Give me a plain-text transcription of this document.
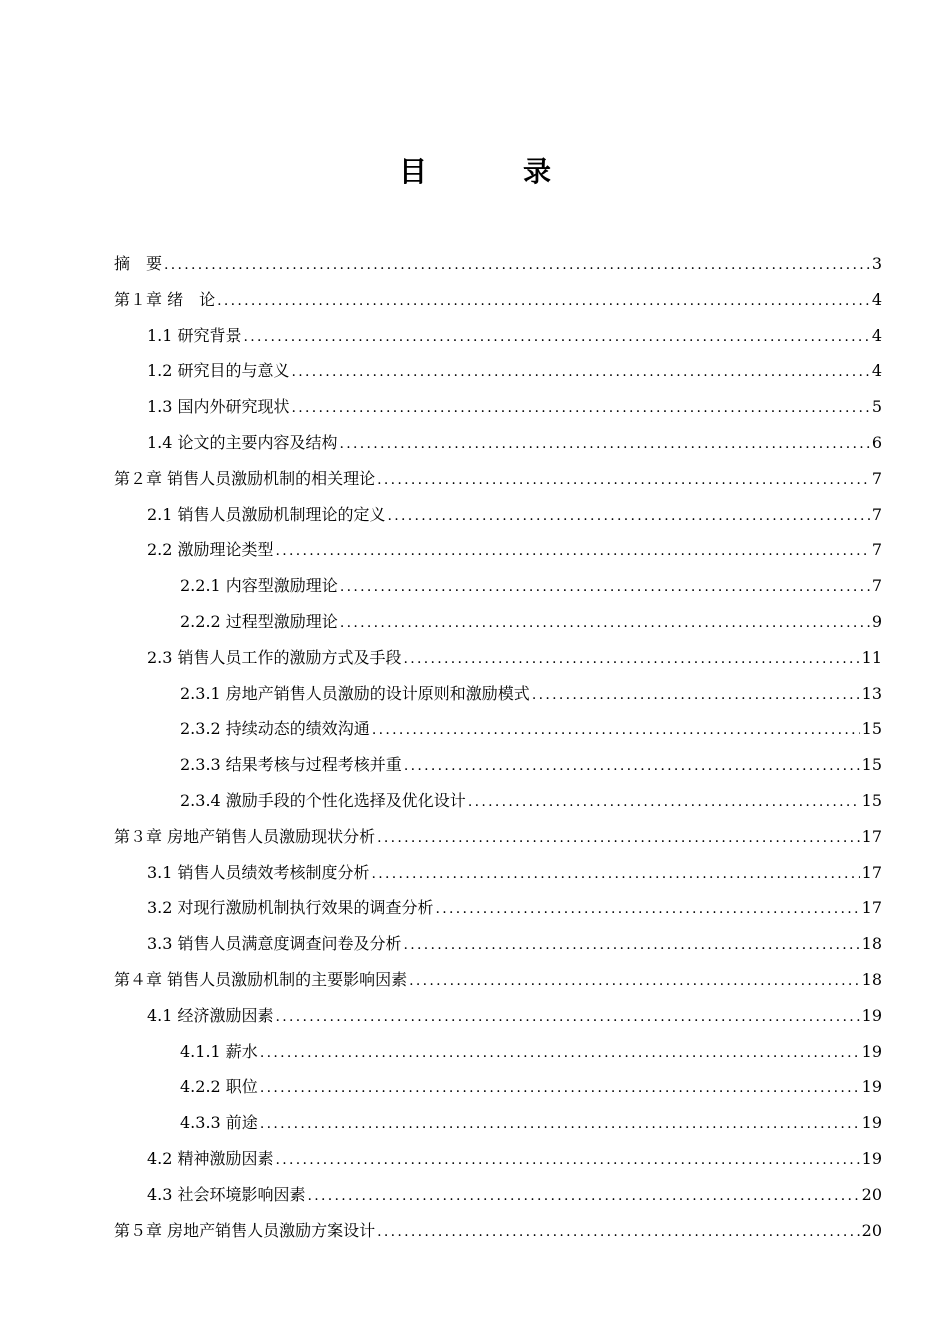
目　录
摘　要 .....	3
第１章 绪　论 .....	4
1.1 研究背景 .....	4
1.2 研究目的与意义 .....	4
1.3 国内外研究现状 .....	5
1.4 论文的主要内容及结构 .....	6
第２章 销售人员激励机制的相关理论 .....	7
2.1 销售人员激励机制理论的定义 .....	7
2.2 激励理论类型 .....	7
2.2.1 内容型激励理论 .....	7
2.2.2 过程型激励理论 .....	9
2.3 销售人员工作的激励方式及手段 .....	11
2.3.1 房地产销售人员激励的设计原则和激励模式 .....	13
2.3.2 持续动态的绩效沟通 .....	15
2.3.3 结果考核与过程考核并重 .....	15
2.3.4 激励手段的个性化选择及优化设计 .....	15
第３章 房地产销售人员激励现状分析 .....	17
3.1 销售人员绩效考核制度分析 .....	17
3.2 对现行激励机制执行效果的调查分析 .....	17
3.3 销售人员满意度调查问卷及分析 .....	18
第４章 销售人员激励机制的主要影响因素 .....	18
4.1 经济激励因素 .....	19
4.1.1 薪水 .....	19
4.2.2 职位 .....	19
4.3.3 前途 .....	19
4.2 精神激励因素 .....	19
4.3 社会环境影响因素 .....	20
第５章 房地产销售人员激励方案设计 .....	20
